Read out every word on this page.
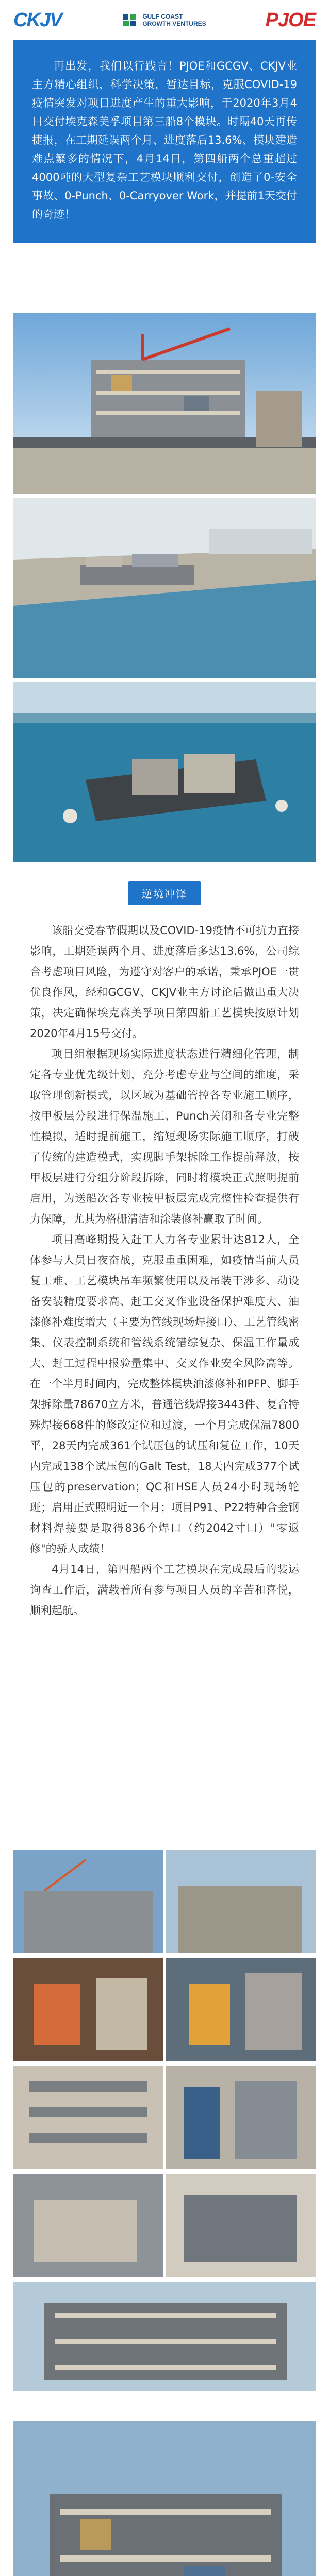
CKJV	GULF COAST
GROWTH VENTURES	PJOE
再出发，我们以行践言！PJOE和GCGV、CKJV业主方精心组织，科学决策，暂达目标，克服COVID-19疫情突发对项目进度产生的重大影响，于2020年3月4日交付埃克森美孚项目第三船8个模块。时隔40天再传捷报，在工期延误两个月、进度落后13.6%、模块建造难点繁多的情况下，4月14日，第四船两个总重超过4000吨的大型复杂工艺模块顺利交付，创造了0-安全事故、0-Punch、0-Carryover Work，并提前1天交付的奇迹！
逆境冲锋

该船交受春节假期以及COVID-19疫情不可抗力直接影响，工期延误两个月、进度落后多达13.6%，公司综合考虑项目风险，为遵守对客户的承诺，秉承PJOE一贯优良作风，经和GCGV、CKJV业主方讨论后做出重大决策，决定确保埃克森美孚项目第四船工艺模块按原计划2020年4月15号交付。

项目组根据现场实际进度状态进行精细化管理，制定各专业优先级计划，充分考虑专业与空间的维度，采取管理创新模式，以区域为基础管控各专业施工顺序，按甲板层分段进行保温施工、Punch关闭和各专业完整性模拟，适时提前施工，缩短现场实际施工顺序，打破了传统的建造模式，实现脚手架拆除工作提前释放，按甲板层进行分组分阶段拆除，同时将模块正式照明提前启用，为送船次各专业按甲板层完成完整性检查提供有力保障，尤其为格栅清洁和涂装修补赢取了时间。

项目高峰期投入赶工人力各专业累计达812人，全体参与人员日夜奋战，克服重重困难，如疫情当前人员复工难、工艺模块吊车频繁使用以及吊装干涉多、动设备安装精度要求高、赶工交叉作业设备保护难度大、油漆修补难度增大（主要为管线现场焊接口）、工艺管线密集、仪表控制系统和管线系统错综复杂、保温工作量成大、赶工过程中报验量集中、交叉作业安全风险高等。在一个半月时间内，完成整体模块油漆修补和PFP、脚手架拆除量78670立方米，普通管线焊接3443件、复合特殊焊接668件的修改定位和过渡，一个月完成保温7800平，28天内完成361个试压包的试压和复位工作，10天内完成138个试压包的Galt Test，18天内完成377个试压包的preservation；QC和HSE人员24小时现场轮班；启用正式照明近一个月；项目P91、P22特种合金钢材料焊接要是取得836个焊口（约2042寸口）"零返修"的骄人成绩！

4月14日，第四船两个工艺模块在完成最后的装运询查工作后，满载着所有参与项目人员的辛苦和喜悦，顺利起航。
